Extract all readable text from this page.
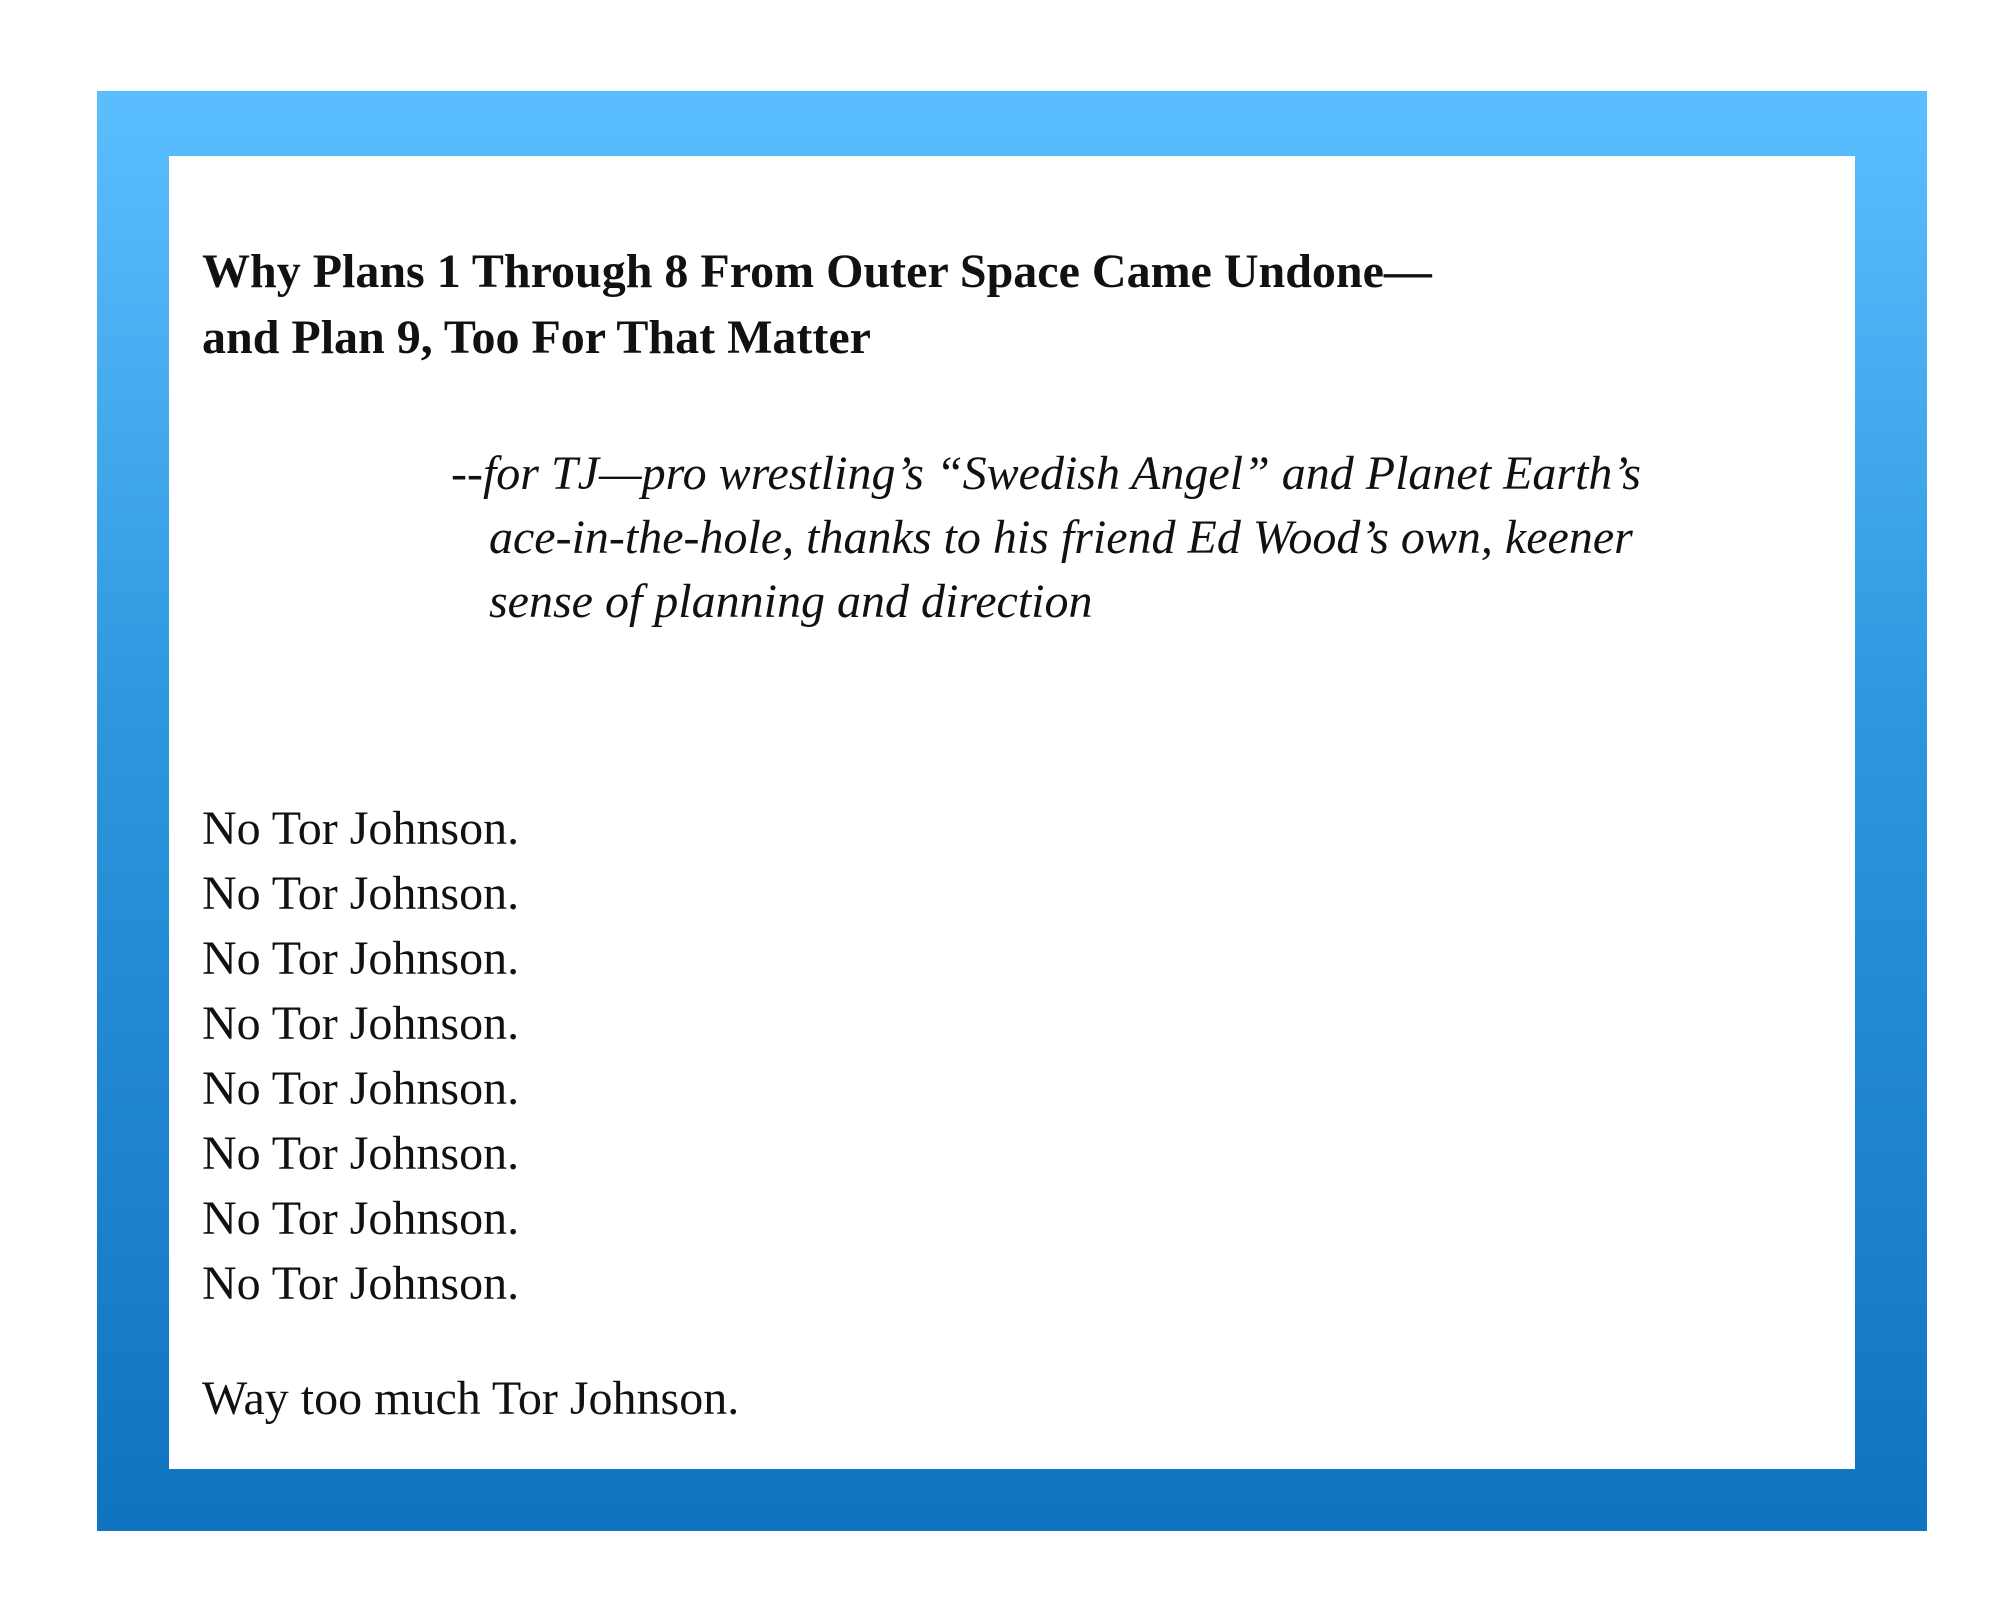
Why Plans 1 Through 8 From Outer Space Came Undone—
and Plan 9, Too For That Matter

--for TJ—pro wrestling’s “Swedish Angel” and Planet Earth’s
ace-in-the-hole, thanks to his friend Ed Wood’s own, keener
sense of planning and direction

No Tor Johnson.
No Tor Johnson.
No Tor Johnson.
No Tor Johnson.
No Tor Johnson.
No Tor Johnson.
No Tor Johnson.
No Tor Johnson.

Way too much Tor Johnson.
